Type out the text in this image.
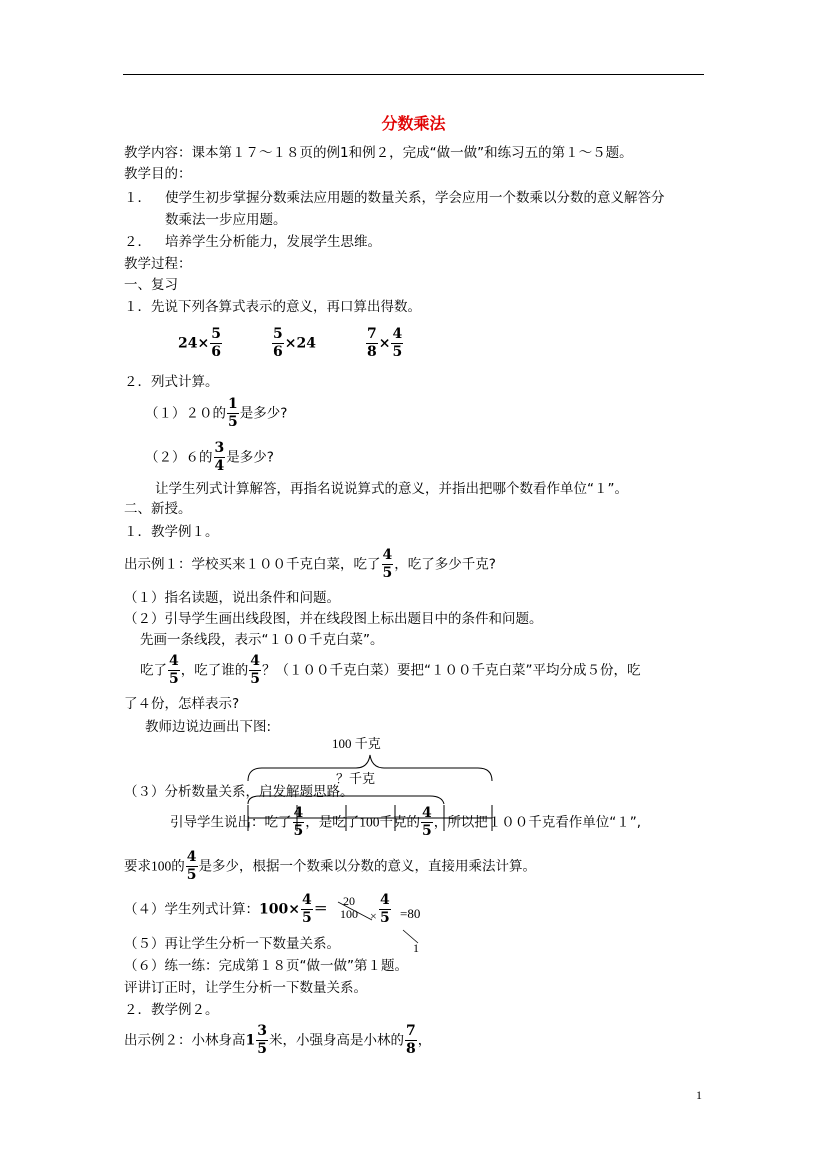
分数乘法
教学内容：课本第１７～１８页的例1和例２，完成“做一做”和练习五的第１～５题。
教学目的：
１． 使学生初步掌握分数乘法应用题的数量关系，学会应用一个数乘以分数的意义解答分
数乘法一步应用题。
２． 培养学生分析能力，发展学生思维。
教学过程：
一、复习
１．先说下列各算式表示的意义，再口算出得数。
$24\times \frac{5}{6}$	$\frac{5}{6} \times 24$	$\frac{7}{8} \times \frac{4}{5}$
２．列式计算。
（１）２０的 $\frac{1}{5}$ 是多少?
（２）６的 $\frac{3}{4}$ 是多少?
让学生列式计算解答，再指名说说算式的意义，并指出把哪个数看作单位“１”。
二、新授。
１．教学例１。
出示例１：学校买来１００千克白菜，吃了 $\frac{4}{5}$ ，吃了多少千克?
（１）指名读题，说出条件和问题。
（２）引导学生画出线段图，并在线段图上标出题目中的条件和问题。
先画一条线段，表示“１００千克白菜”。
吃了 $\frac{4}{5}$ ，吃了谁的 $\frac{4}{5}$ ？（１００千克白菜）要把“１００千克白菜”平均分成５份，吃
了４份，怎样表示?
教师边说边画出下图:
100 千克
？千克
（３）分析数量关系，启发解题思路。
引导学生说出：吃了 $\frac{4}{5}$ ，是吃了100千克的 $\frac{4}{5}$ ，所以把１００千克看作单位“１”,
要求100的 $\frac{4}{5}$ 是多少，根据一个数乘以分数的意义，直接用乘法计算。
（４）学生列式计算：$100\times \frac{4}{5}$ ＝
20
$100 \times \frac{4}{5} =80$
1
（５）再让学生分析一下数量关系。
（６）练一练：完成第１８页“做一做”第１题。
评讲订正时，让学生分析一下数量关系。
２．教学例２。
出示例２：小林身高$1 \frac{3}{5}$ 米，小强身高是小林的 $\frac{7}{8}$ ，
1
